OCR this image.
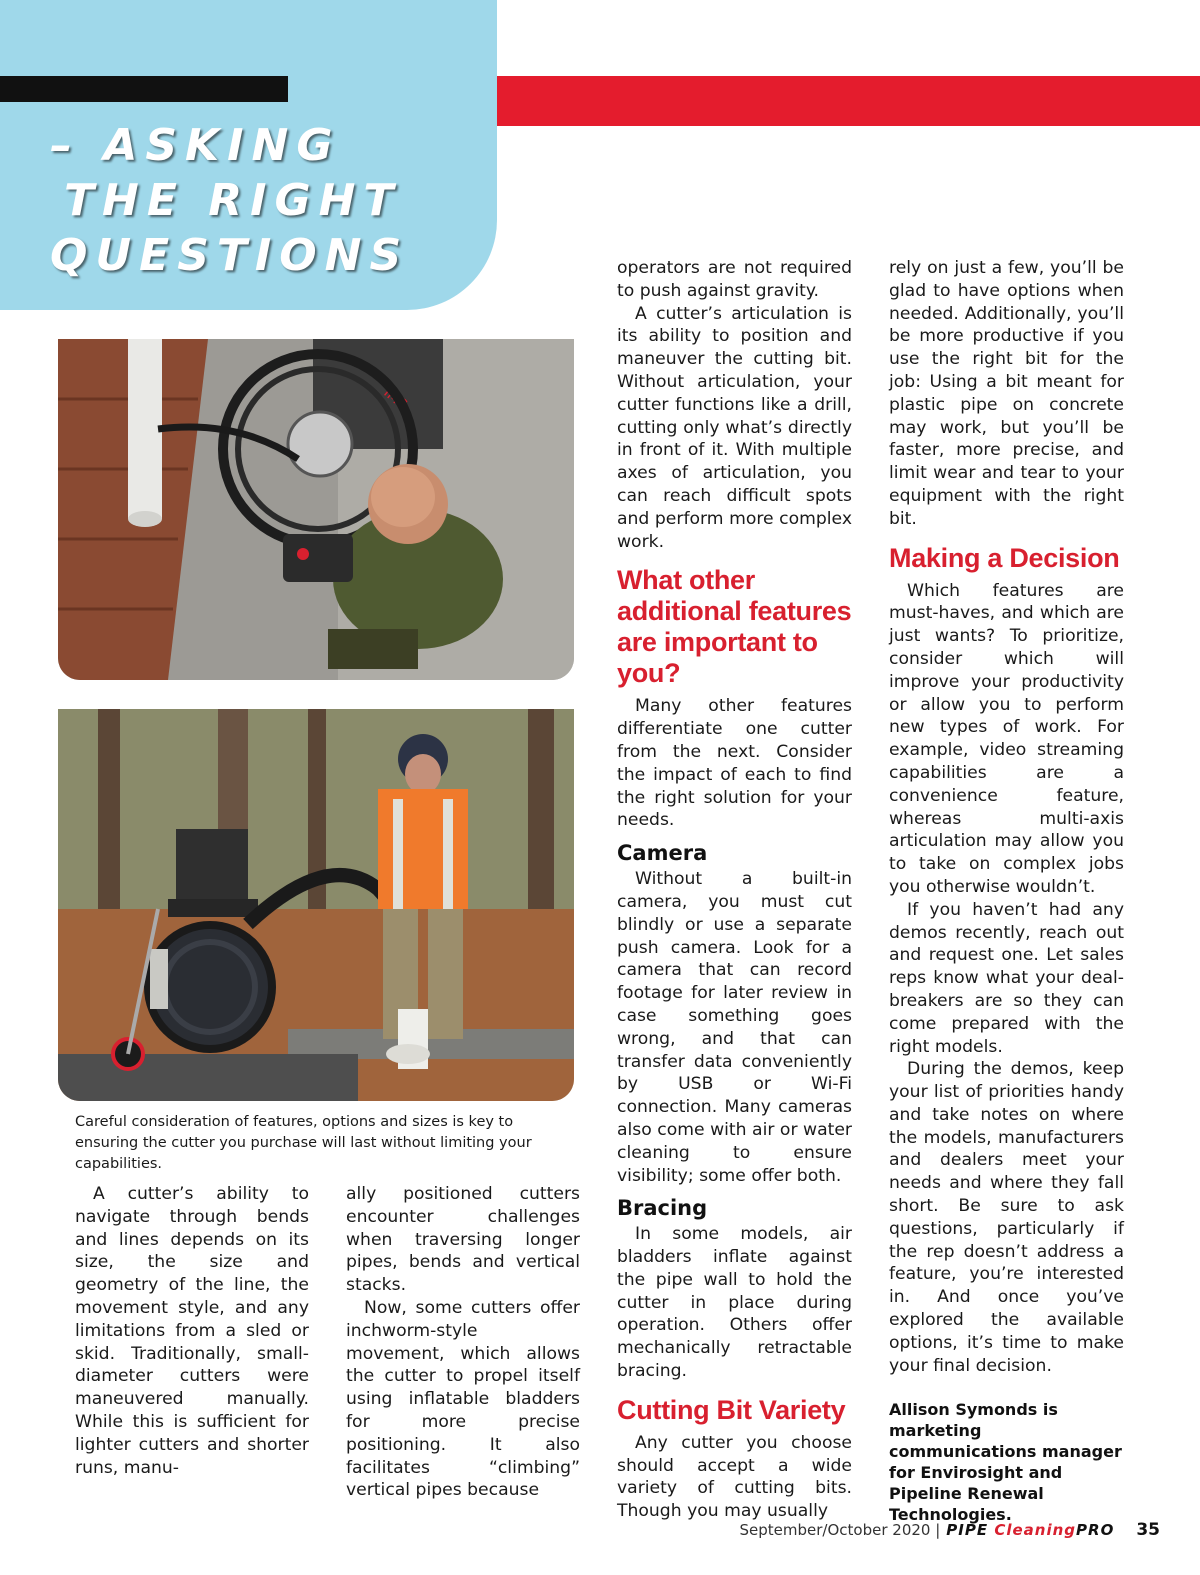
– ASKING
THE RIGHT
QUESTIONS
IMS
Careful consideration of features, options and sizes is key to ensuring the cutter you purchase will last without limiting your capabilities.

A cutter’s ability to navigate through bends and lines depends on its size, the size and geometry of the line, the movement style, and any limitations from a sled or skid. Traditionally, small-diameter cutters were maneuvered manually. While this is sufficient for lighter cutters and shorter runs, manu-

ally positioned cutters encounter challenges when traversing longer pipes, bends and vertical stacks.

Now, some cutters offer inchworm-style movement, which allows the cutter to propel itself using inflatable bladders for more precise positioning. It also facilitates “climbing” vertical pipes because

operators are not required to push against gravity.

A cutter’s articulation is its ability to position and maneuver the cutting bit. Without articulation, your cutter functions like a drill, cutting only what’s directly in front of it. With multiple axes of articulation, you can reach difficult spots and perform more complex work.

What other additional features are important to you?

Many other features differentiate one cutter from the next. Consider the impact of each to find the right solution for your needs.

Camera

Without a built-in camera, you must cut blindly or use a separate push camera. Look for a camera that can record footage for later review in case something goes wrong, and that can transfer data conveniently by USB or Wi-Fi connection. Many cameras also come with air or water cleaning to ensure visibility; some offer both.

Bracing

In some models, air bladders inflate against the pipe wall to hold the cutter in place during operation. Others offer mechanically retractable bracing.

Cutting Bit Variety

Any cutter you choose should accept a wide variety of cutting bits. Though you may usually

rely on just a few, you’ll be glad to have options when needed. Additionally, you’ll be more productive if you use the right bit for the job: Using a bit meant for plastic pipe on concrete may work, but you’ll be faster, more precise, and limit wear and tear to your equipment with the right bit.

Making a Decision

Which features are must-haves, and which are just wants? To prioritize, consider which will improve your productivity or allow you to perform new types of work. For example, video streaming capabilities are a convenience feature, whereas multi-axis articulation may allow you to take on complex jobs you otherwise wouldn’t.

If you haven’t had any demos recently, reach out and request one. Let sales reps know what your deal-breakers are so they can come prepared with the right models.

During the demos, keep your list of priorities handy and take notes on where the models, manufacturers and dealers meet your needs and where they fall short. Be sure to ask questions, particularly if the rep doesn’t address a feature, you’re interested in. And once you’ve explored the available options, it’s time to make your final decision.

Allison Symonds is marketing communications manager for Envirosight and Pipeline Renewal Technologies.
September/October 2020 | PIPE CleaningPRO 35
